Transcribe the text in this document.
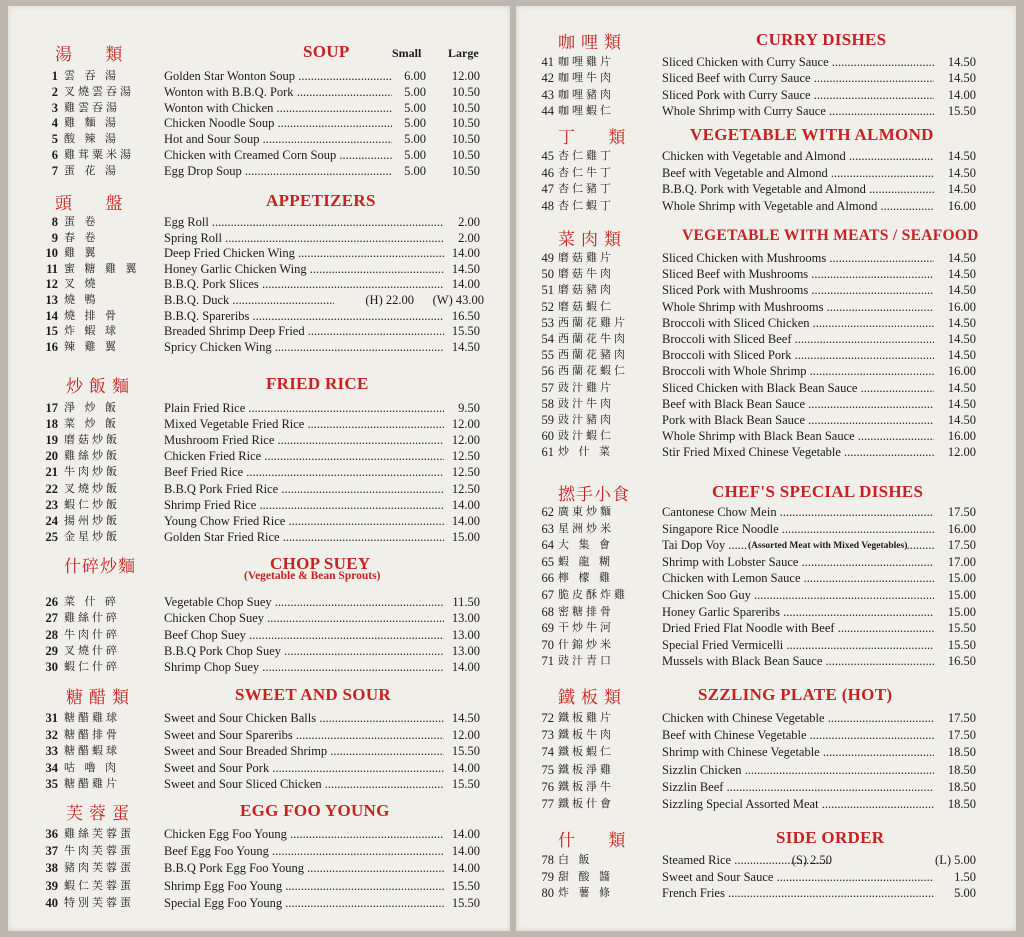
湯 類	SOUP	Small Large
1 雲 吞 湯	Golden Star Wonton Soup .....	6.00	12.00
2 叉燒雲吞湯 Wonton with B.B.Q. Pork .....	5.00	10.50
3 雞雲吞湯	Wonton with Chicken .....	5.00	10.50
4 雞 麵 湯	Chicken Noodle Soup .....	5.00	10.50
5 酸 辣 湯	Hot and Sour Soup .....	5.00	10.50
6 雞茸粟米湯 Chicken with Creamed Corn Soup .....	5.00	10.50
7 蛋 花 湯	Egg Drop Soup .....	5.00	10.50
頭 盤	APPETIZERS
8 蛋 卷	Egg Roll .....	2.00
9 春 卷	Spring Roll .....	2.00
10 雞 翼	Deep Fried Chicken Wing .....	14.00
11 蜜 糖 雞 翼 Honey Garlic Chicken Wing .....	14.50
12 叉 燒	B.B.Q. Pork Slices .....	14.00
13 燒 鴨	B.B.Q. Duck .....	(H) 22.00	(W) 43.00
14 燒 排 骨	B.B.Q. Spareribs .....	16.50
15 炸 蝦 球	Breaded Shrimp Deep Fried .....	15.50
16 辣 雞 翼	Spricy Chicken Wing .....	14.50
炒飯麵	FRIED RICE
17 淨 炒 飯	Plain Fried Rice .....	9.50
18 菜 炒 飯	Mixed Vegetable Fried Rice .....	12.00
19 磨菇炒飯	Mushroom Fried Rice .....	12.00
20 雞絲炒飯	Chicken Fried Rice .....	12.50
21 牛肉炒飯	Beef Fried Rice .....	12.50
22 叉燒炒飯	B.B.Q Pork Fried Rice .....	12.50
23 蝦仁炒飯	Shrimp Fried Rice .....	14.00
24 揚州炒飯	Young Chow Fried Rice .....	14.00
25 金星炒飯	Golden Star Fried Rice .....	15.00
什碎炒麵	CHOP SUEY
(Vegetable & Bean Sprouts)
26 菜 什 碎	Vegetable Chop Suey .....	11.50
27 雞絲什碎	Chicken Chop Suey .....	13.00
28 牛肉什碎	Beef Chop Suey .....	13.00
29 叉燒什碎	B.B.Q Pork Chop Suey .....	13.00
30 蝦仁什碎	Shrimp Chop Suey .....	14.00
糖醋類	SWEET AND SOUR
31 糖醋雞球	Sweet and Sour Chicken Balls .....	14.50
32 糖醋排骨	Sweet and Sour Spareribs .....	12.00
33 糖醋蝦球	Sweet and Sour Breaded Shrimp .....	15.50
34 咕 嚕 肉	Sweet and Sour Pork .....	14.00
35 糖醋雞片	Sweet and Sour Sliced Chicken .....	15.50
芙蓉蛋	EGG FOO YOUNG
36 雞絲芙蓉蛋 Chicken Egg Foo Young .....	14.00
37 牛肉芙蓉蛋 Beef Egg Foo Young .....	14.00
38 豬肉芙蓉蛋 B.B.Q Pork Egg Foo Young .....	14.00
39 蝦仁芙蓉蛋 Shrimp Egg Foo Young .....	15.50
40 特別芙蓉蛋 Special Egg Foo Young .....	15.50
咖哩類	CURRY DISHES
41 咖哩雞片	Sliced Chicken with Curry Sauce .....	14.50
42 咖哩牛肉	Sliced Beef with Curry Sauce .....	14.50
43 咖哩豬肉	Sliced Pork with Curry Sauce .....	14.00
44 咖哩蝦仁	Whole Shrimp with Curry Sauce .....	15.50
丁 類	VEGETABLE WITH ALMOND
45 杏仁雞丁	Chicken with Vegetable and Almond .....	14.50
46 杏仁牛丁	Beef with Vegetable and Almond .....	14.50
47 杏仁豬丁	B.B.Q. Pork with Vegetable and Almond .....	14.50
48 杏仁蝦丁	Whole Shrimp with Vegetable and Almond .....	16.00
菜肉類	VEGETABLE WITH MEATS / SEAFOOD
49 磨菇雞片	Sliced Chicken with Mushrooms .....	14.50
50 磨菇牛肉	Sliced Beef with Mushrooms .....	14.50
51 磨菇豬肉	Sliced Pork with Mushrooms .....	14.50
52 磨菇蝦仁	Whole Shrimp with Mushrooms .....	16.00
53 西蘭花雞片	Broccoli with Sliced Chicken .....	14.50
54 西蘭花牛肉	Broccoli with Sliced Beef .....	14.50
55 西蘭花豬肉	Broccoli with Sliced Pork .....	14.50
56 西蘭花蝦仁	Broccoli with Whole Shrimp .....	16.00
57 豉汁雞片	Sliced Chicken with Black Bean Sauce .....	14.50
58 豉汁牛肉	Beef with Black Bean Sauce .....	14.50
59 豉汁豬肉	Pork with Black Bean Sauce .....	14.50
60 豉汁蝦仁	Whole Shrimp with Black Bean Sauce .....	16.00
61 炒 什 菜	Stir Fried Mixed Chinese Vegetable .....	12.00
撚手小食	CHEF'S SPECIAL DISHES
62 廣東炒麵	Cantonese Chow Mein .....	17.50
63 星洲炒米	Singapore Rice Noodle .....	16.00
64 大 集 會	Tai Dop Voy .....	(Assorted Meat with Mixed Vegetables)	17.50
65 蝦 龍 糊	Shrimp with Lobster Sauce .....	17.00
66 檸 檬 雞	Chicken with Lemon Sauce .....	15.00
67 脆皮酥炸雞	Chicken Soo Guy .....	15.00
68 密糖排骨	Honey Garlic Spareribs .....	15.00
69 干炒牛河	Dried Fried Flat Noodle with Beef .....	15.50
70 什錦炒米	Special Fried Vermicelli .....	15.50
71 豉汁青口	Mussels with Black Bean Sauce .....	16.50
鐵板類	SZZLING PLATE (HOT)
72 鐵板雞片	Chicken with Chinese Vegetable .....	17.50
73 鐵板牛肉	Beef with Chinese Vegetable .....	17.50
74 鐵板蝦仁	Shrimp with Chinese Vegetable .....	18.50
75 鐵板淨雞	Sizzlin Chicken .....	18.50
76 鐵板淨牛	Sizzlin Beef .....	18.50
77 鐵板什會	Sizzling Special Assorted Meat .....	18.50
什 類	SIDE ORDER
78 白 飯	Steamed Rice .....	(S) 2.50	(L) 5.00
79 甜 酸 醬	Sweet and Sour Sauce .....	1.50
80 炸 薯 條	French Fries .....	5.00
